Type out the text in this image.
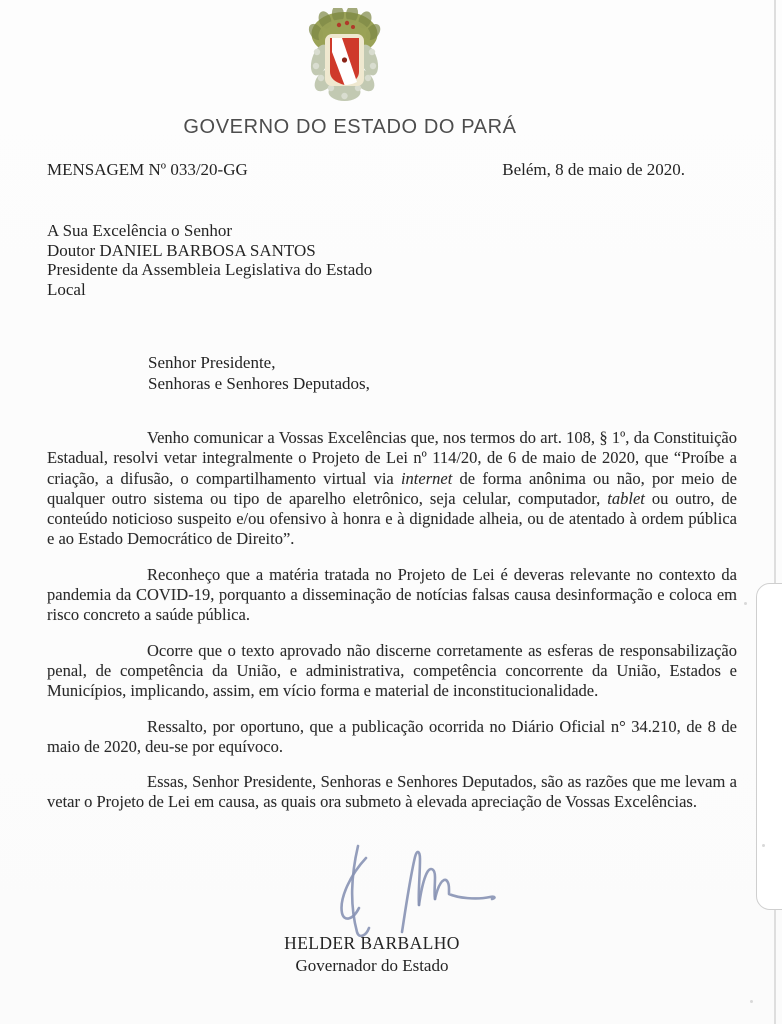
GOVERNO DO ESTADO DO PARÁ
MENSAGEM Nº 033/20-GG	Belém, 8 de maio de 2020.
A Sua Excelência o Senhor
Doutor DANIEL BARBOSA SANTOS
Presidente da Assembleia Legislativa do Estado
Local
Senhor Presidente,
Senhoras e Senhores Deputados,

Venho comunicar a Vossas Excelências que, nos termos do art. 108, § 1º, da Constituição Estadual, resolvi vetar integralmente o Projeto de Lei nº 114/20, de 6 de maio de 2020, que “Proíbe a criação, a difusão, o compartilhamento virtual via internet de forma anônima ou não, por meio de qualquer outro sistema ou tipo de aparelho eletrônico, seja celular, computador, tablet ou outro, de conteúdo noticioso suspeito e/ou ofensivo à honra e à dignidade alheia, ou de atentado à ordem pública e ao Estado Democrático de Direito”.

Reconheço que a matéria tratada no Projeto de Lei é deveras relevante no contexto da pandemia da COVID-19, porquanto a disseminação de notícias falsas causa desinformação e coloca em risco concreto a saúde pública.

Ocorre que o texto aprovado não discerne corretamente as esferas de responsabilização penal, de competência da União, e administrativa, competência concorrente da União, Estados e Municípios, implicando, assim, em vício forma e material de inconstitucionalidade.

Ressalto, por oportuno, que a publicação ocorrida no Diário Oficial n° 34.210, de 8 de maio de 2020, deu-se por equívoco.

Essas, Senhor Presidente, Senhoras e Senhores Deputados, são as razões que me levam a vetar o Projeto de Lei em causa, as quais ora submeto à elevada apreciação de Vossas Excelências.

HELDER BARBALHO
Governador do Estado
